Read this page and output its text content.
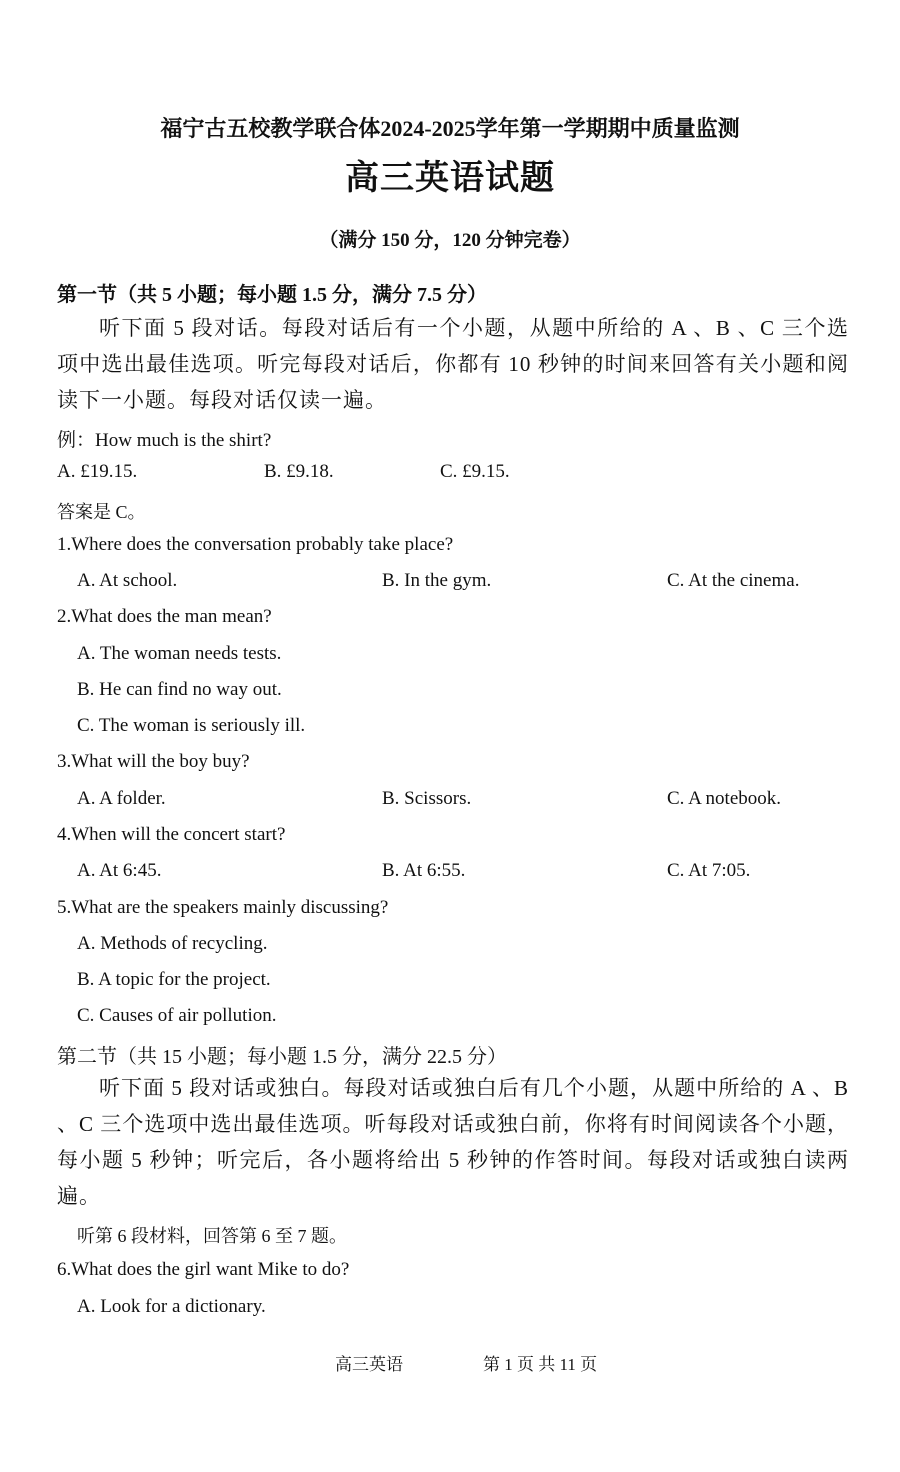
福宁古五校教学联合体2024-2025学年第一学期期中质量监测
高三英语试题
（满分 150 分，120 分钟完卷）
第一节（共 5 小题；每小题 1.5 分，满分 7.5 分）
听下面 5 段对话。每段对话后有一个小题，从题中所给的 A 、B 、C 三个选项中选出最佳选项。听完每段对话后，你都有 10 秒钟的时间来回答有关小题和阅读下一小题。每段对话仅读一遍。
例：How much is the shirt?
A. £19.15.	B. £9.18.	C. £9.15.
答案是 C。
1.Where does the conversation probably take place?
A. At school.	B. In the gym.	C. At the cinema.
2.What does the man mean?
A. The woman needs tests.
B. He can find no way out.
C. The woman is seriously ill.
3.What will the boy buy?
A. A folder.	B. Scissors.	C. A notebook.
4.When will the concert start?
A. At 6:45.	B. At 6:55.	C. At 7:05.
5.What are the speakers mainly discussing?
A. Methods of recycling.
B. A topic for the project.
C. Causes of air pollution.
第二节（共 15 小题；每小题 1.5 分，满分 22.5 分）
听下面 5 段对话或独白。每段对话或独白后有几个小题，从题中所给的 A 、B 、C 三个选项中选出最佳选项。听每段对话或独白前，你将有时间阅读各个小题，每小题 5 秒钟；听完后，各小题将给出 5 秒钟的作答时间。每段对话或独白读两遍。
听第 6 段材料，回答第 6 至 7 题。
6.What does the girl want Mike to do?
A. Look for a dictionary.
高三英语	第 1 页 共 11 页
